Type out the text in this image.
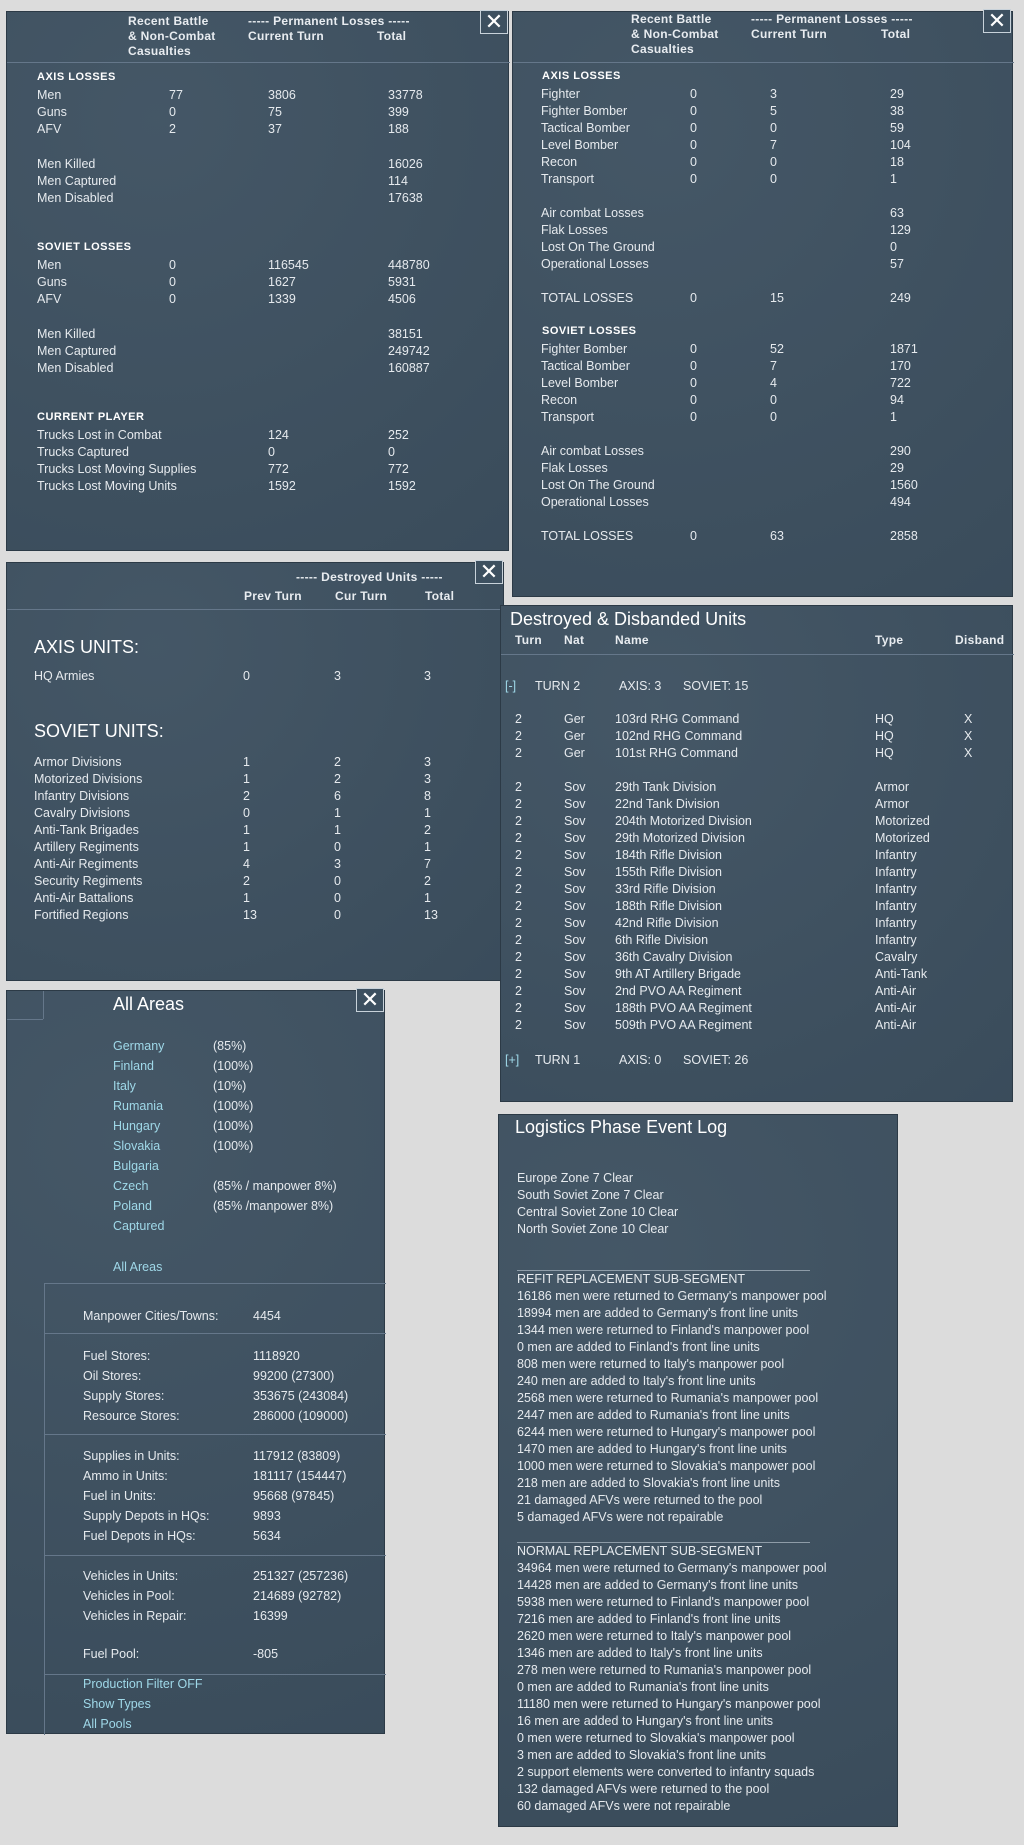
Recent Battle
& Non-Combat
Casualties
----- Permanent Losses -----
Current Turn	Total
✕
AXIS LOSSES
SOVIET LOSSES
CURRENT PLAYER
Men	77	3806	33778
Guns	0	75	399
AFV	2	37	188
Men Killed	16026
Men Captured	114
Men Disabled	17638
Men	0	116545	448780
Guns	0	1627	5931
AFV	0	1339	4506
Men Killed	38151
Men Captured	249742
Men Disabled	160887
Trucks Lost in Combat	124	252
Trucks Captured	0	0
Trucks Lost Moving Supplies	772	772
Trucks Lost Moving Units	1592	1592
Recent Battle
& Non-Combat
Casualties
----- Permanent Losses -----
Current Turn	Total
✕
AXIS LOSSES
SOVIET LOSSES
Fighter	0	3	29
Fighter Bomber	0	5	38
Tactical Bomber	0	0	59
Level Bomber	0	7	104
Recon	0	0	18
Transport	0	0	1
Air combat Losses	63
Flak Losses	129
Lost On The Ground	0
Operational Losses	57
TOTAL LOSSES	0	15	249
Fighter Bomber	0	52	1871
Tactical Bomber	0	7	170
Level Bomber	0	4	722
Recon	0	0	94
Transport	0	0	1
Air combat Losses	290
Flak Losses	29
Lost On The Ground	1560
Operational Losses	494
TOTAL LOSSES	0	63	2858
----- Destroyed Units -----
Prev Turn	Cur Turn	Total
✕
AXIS UNITS:
SOVIET UNITS:
HQ Armies	0	3	3
Armor Divisions	1	2	3
Motorized Divisions	1	2	3
Infantry Divisions	2	6	8
Cavalry Divisions	0	1	1
Anti-Tank Brigades	1	1	2
Artillery Regiments	1	0	1
Anti-Air Regiments	4	3	7
Security Regiments	2	0	2
Anti-Air Battalions	1	0	1
Fortified Regions	13	0	13
Destroyed & Disbanded Units
Turn Nat	Name	Type	Disband
[-] TURN 2	AXIS: 3 SOVIET: 15
[+] TURN 1	AXIS: 0 SOVIET: 26
2	Ger 103rd RHG Command	HQ	X
2	Ger 102nd RHG Command	HQ	X
2	Ger 101st RHG Command	HQ	X
2	Sov 29th Tank Division	Armor
2	Sov 22nd Tank Division	Armor
2	Sov 204th Motorized Division	Motorized
2	Sov 29th Motorized Division	Motorized
2	Sov 184th Rifle Division	Infantry
2	Sov 155th Rifle Division	Infantry
2	Sov 33rd Rifle Division	Infantry
2	Sov 188th Rifle Division	Infantry
2	Sov 42nd Rifle Division	Infantry
2	Sov 6th Rifle Division	Infantry
2	Sov 36th Cavalry Division	Cavalry
2	Sov 9th AT Artillery Brigade	Anti-Tank
2	Sov 2nd PVO AA Regiment	Anti-Air
2	Sov 188th PVO AA Regiment	Anti-Air
2	Sov 509th PVO AA Regiment	Anti-Air
All Areas	✕
All Areas
Fuel Pool:	-805
Production Filter OFF
Show Types
All Pools
Germany	(85%)
Finland	(100%)
Italy	(10%)
Rumania	(100%)
Hungary	(100%)
Slovakia	(100%)
Bulgaria
Czech	(85% / manpower 8%)
Poland	(85% /manpower 8%)
Captured
Manpower Cities/Towns:	4454
Fuel Stores:	1118920
Oil Stores:	99200 (27300)
Supply Stores:	353675 (243084)
Resource Stores:	286000 (109000)
Supplies in Units:	117912 (83809)
Ammo in Units:	181117 (154447)
Fuel in Units:	95668 (97845)
Supply Depots in HQs:	9893
Fuel Depots in HQs:	5634
Vehicles in Units:	251327 (257236)
Vehicles in Pool:	214689 (92782)
Vehicles in Repair:	16399
Logistics Phase Event Log
REFIT REPLACEMENT SUB-SEGMENT
NORMAL REPLACEMENT SUB-SEGMENT
Europe Zone 7 Clear
South Soviet Zone 7 Clear
Central Soviet Zone 10 Clear
North Soviet Zone 10 Clear
16186 men were returned to Germany's manpower pool
18994 men are added to Germany's front line units
1344 men were returned to Finland's manpower pool
0 men are added to Finland's front line units
808 men were returned to Italy's manpower pool
240 men are added to Italy's front line units
2568 men were returned to Rumania's manpower pool
2447 men are added to Rumania's front line units
6244 men were returned to Hungary's manpower pool
1470 men are added to Hungary's front line units
1000 men were returned to Slovakia's manpower pool
218 men are added to Slovakia's front line units
21 damaged AFVs were returned to the pool
5 damaged AFVs were not repairable
34964 men were returned to Germany's manpower pool
14428 men are added to Germany's front line units
5938 men were returned to Finland's manpower pool
7216 men are added to Finland's front line units
2620 men were returned to Italy's manpower pool
1346 men are added to Italy's front line units
278 men were returned to Rumania's manpower pool
0 men are added to Rumania's front line units
11180 men were returned to Hungary's manpower pool
16 men are added to Hungary's front line units
0 men were returned to Slovakia's manpower pool
3 men are added to Slovakia's front line units
2 support elements were converted to infantry squads
132 damaged AFVs were returned to the pool
60 damaged AFVs were not repairable
